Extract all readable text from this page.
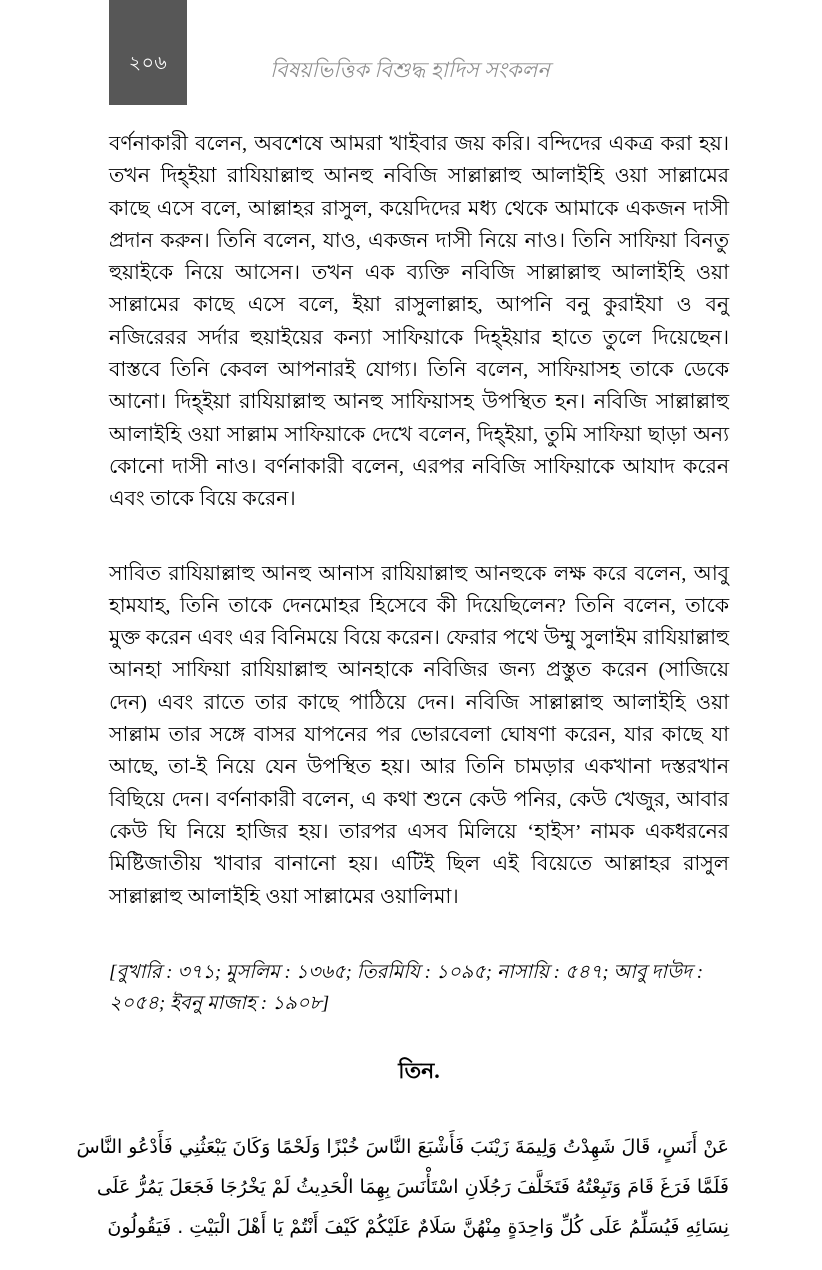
২০৬	বিষয়ভিত্তিক বিশুদ্ধ হাদিস সংকলন

বর্ণনাকারী বলেন, অবশেষে আমরা খাইবার জয় করি। বন্দিদের একত্র করা হয়। তখন দিহ্‌ইয়া রাযিয়াল্লাহু আনহু নবিজি সাল্লাল্লাহু আলাইহি ওয়া সাল্লামের কাছে এসে বলে, আল্লাহর রাসুল, কয়েদিদের মধ্য থেকে আমাকে একজন দাসী প্রদান করুন। তিনি বলেন, যাও, একজন দাসী নিয়ে নাও। তিনি সাফিয়া বিনতু হুয়াইকে নিয়ে আসেন। তখন এক ব্যক্তি নবিজি সাল্লাল্লাহু আলাইহি ওয়া সাল্লামের কাছে এসে বলে, ইয়া রাসুলাল্লাহ, আপনি বনু কুরাইযা ও বনু নজিরেরর সর্দার হুয়াইয়ের কন্যা সাফিয়াকে দিহ্‌ইয়ার হাতে তুলে দিয়েছেন। বাস্তবে তিনি কেবল আপনারই যোগ্য। তিনি বলেন, সাফিয়াসহ তাকে ডেকে আনো। দিহ্‌ইয়া রাযিয়াল্লাহু আনহু সাফিয়াসহ উপস্থিত হন। নবিজি সাল্লাল্লাহু আলাইহি ওয়া সাল্লাম সাফিয়াকে দেখে বলেন, দিহ্‌ইয়া, তুমি সাফিয়া ছাড়া অন্য কোনো দাসী নাও। বর্ণনাকারী বলেন, এরপর নবিজি সাফিয়াকে আযাদ করেন এবং তাকে বিয়ে করেন।

সাবিত রাযিয়াল্লাহু আনহু আনাস রাযিয়াল্লাহু আনহুকে লক্ষ করে বলেন, আবু হামযাহ, তিনি তাকে দেনমোহর হিসেবে কী দিয়েছিলেন? তিনি বলেন, তাকে মুক্ত করেন এবং এর বিনিময়ে বিয়ে করেন। ফেরার পথে উম্মু সুলাইম রাযিয়াল্লাহু আনহা সাফিয়া রাযিয়াল্লাহু আনহাকে নবিজির জন্য প্রস্তুত করেন (সাজিয়ে দেন) এবং রাতে তার কাছে পাঠিয়ে দেন। নবিজি সাল্লাল্লাহু আলাইহি ওয়া সাল্লাম তার সঙ্গে বাসর যাপনের পর ভোরবেলা ঘোষণা করেন, যার কাছে যা আছে, তা-ই নিয়ে যেন উপস্থিত হয়। আর তিনি চামড়ার একখানা দস্তরখান বিছিয়ে দেন। বর্ণনাকারী বলেন, এ কথা শুনে কেউ পনির, কেউ খেজুর, আবার কেউ ঘি নিয়ে হাজির হয়। তারপর এসব মিলিয়ে ‘হাইস’ নামক একধরনের মিষ্টিজাতীয় খাবার বানানো হয়। এটিই ছিল এই বিয়েতে আল্লাহর রাসুল সাল্লাল্লাহু আলাইহি ওয়া সাল্লামের ওয়ালিমা।

[বুখারি : ৩৭১; মুসলিম : ১৩৬৫; তিরমিযি : ১০৯৫; নাসায়ি : ৫৪৭; আবু দাউদ : ২০৫৪; ইবনু মাজাহ : ১৯০৮]

তিন.
عَنْ أَنَسٍ، قَالَ شَهِدْتُ وَلِيمَةَ زَيْنَبَ فَأَشْبَعَ النَّاسَ خُبْزًا وَلَحْمًا وَكَانَ يَبْعَثُنِي فَأَدْعُو النَّاسَ
فَلَمَّا فَرَغَ قَامَ وَتَبِعْتُهُ فَتَخَلَّفَ رَجُلَانِ اسْتَأْنَسَ بِهِمَا الْحَدِيثُ لَمْ يَخْرُجَا فَجَعَلَ يَمُرُّ عَلَى
نِسَائِهِ فَيُسَلِّمُ عَلَى كُلِّ وَاحِدَةٍ مِنْهُنَّ سَلَامٌ عَلَيْكُمْ كَيْفَ أَنْتُمْ يَا أَهْلَ الْبَيْتِ . فَيَقُولُونَ
